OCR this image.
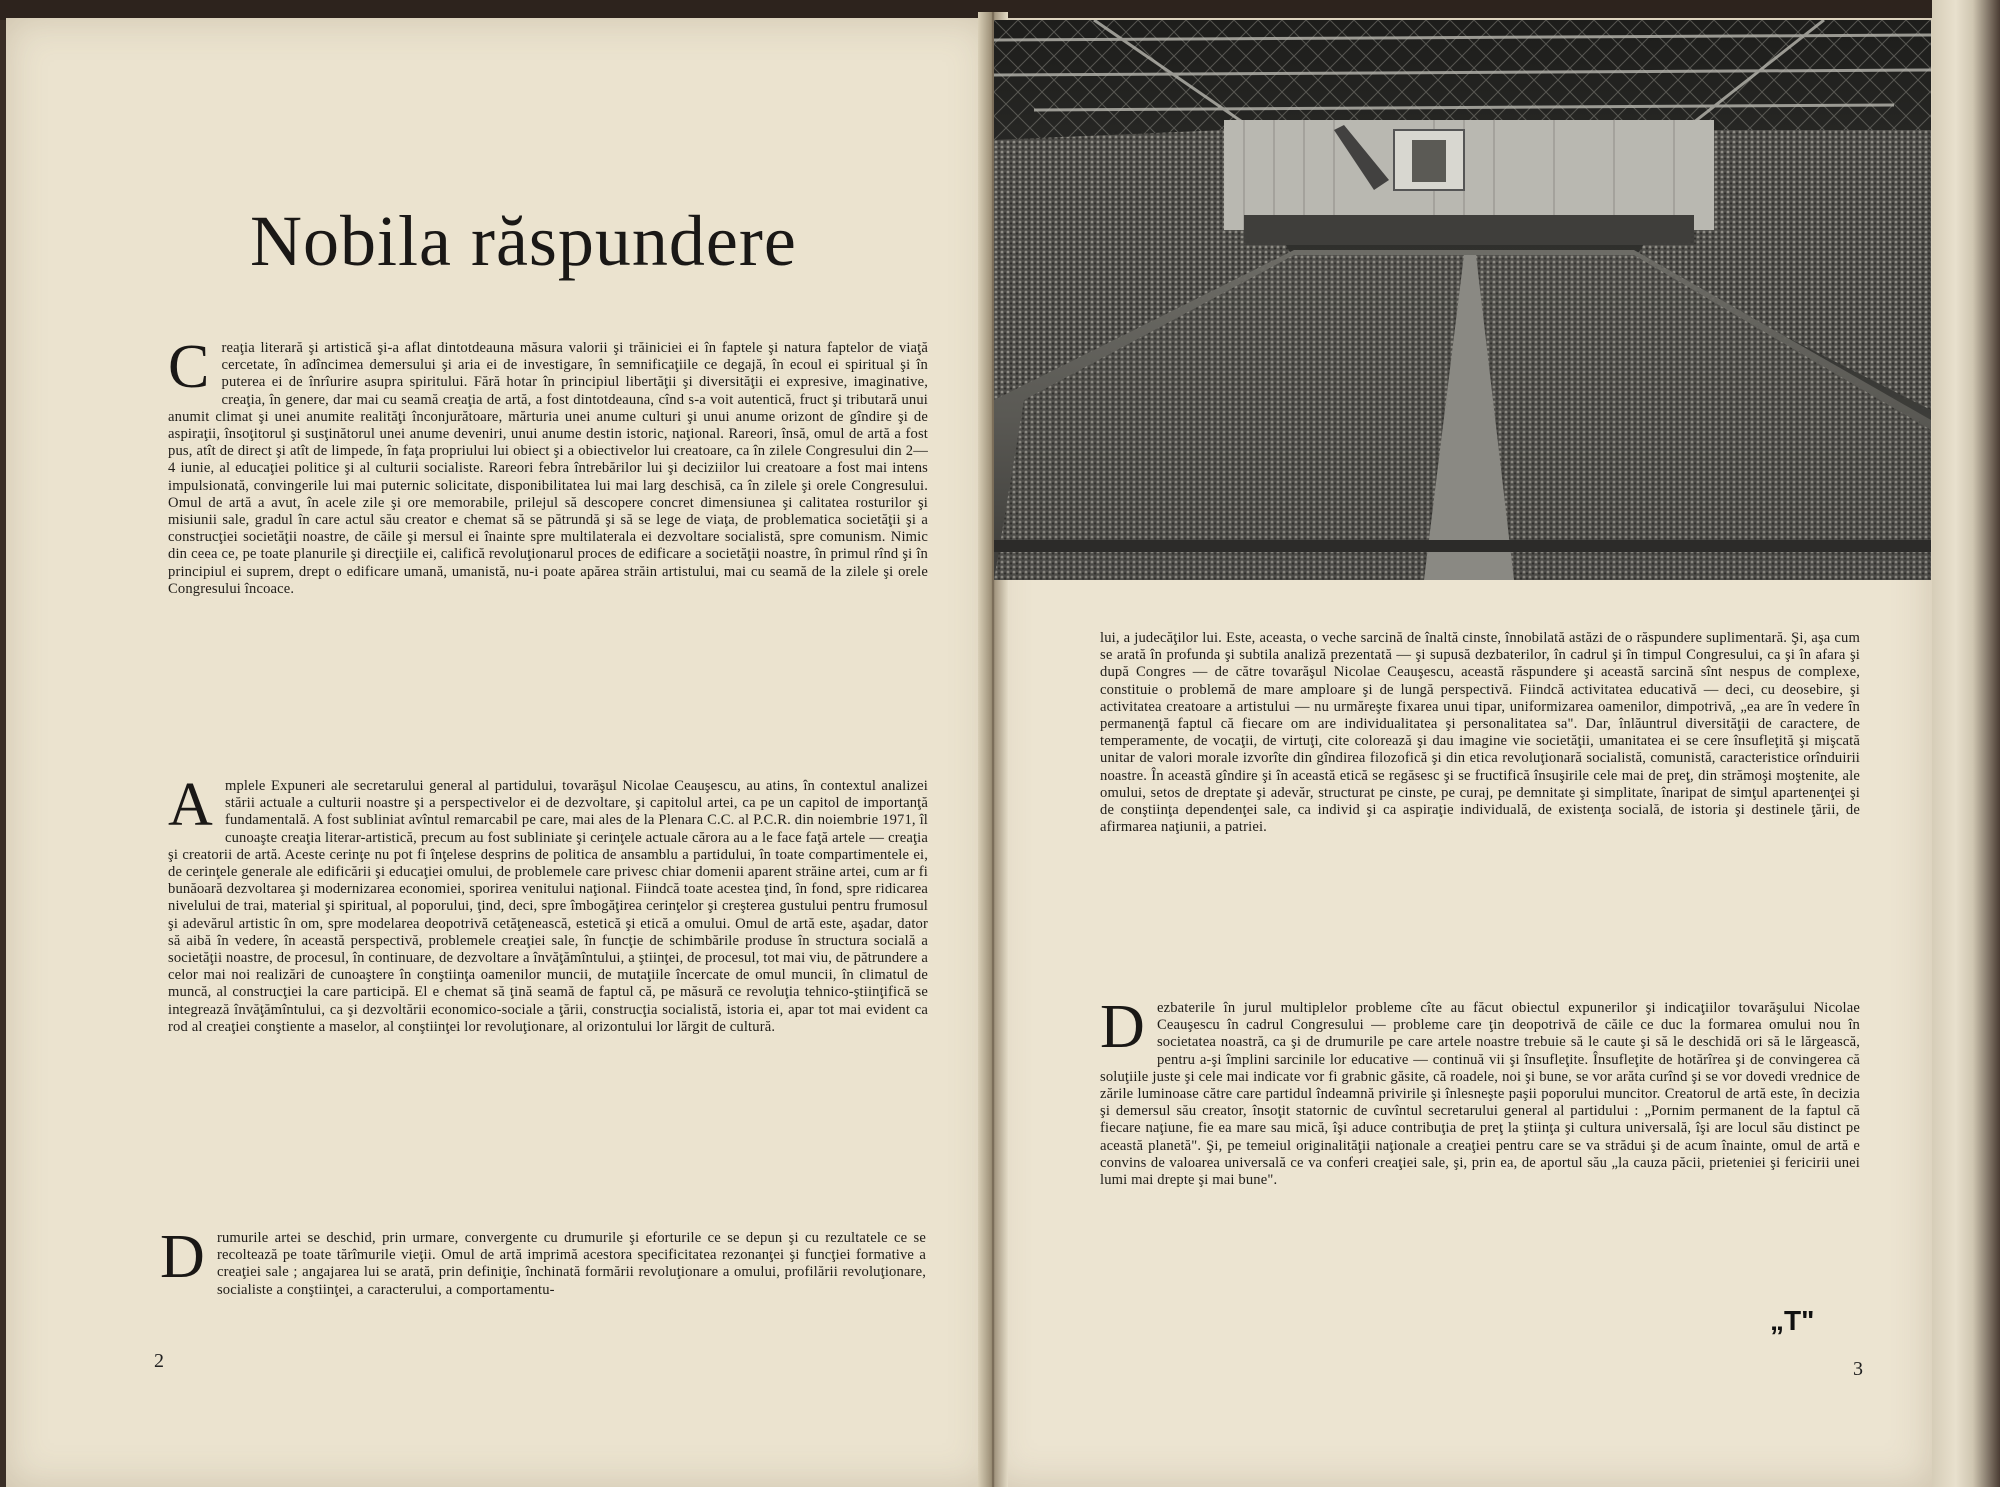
Nobila răspundere

Creaţia literară şi artistică şi-a aflat dintotdeauna măsura valorii şi trăiniciei ei în faptele şi natura faptelor de viaţă cercetate, în adîncimea demersului şi aria ei de investigare, în semnificaţiile ce degajă, în ecoul ei spiritual şi în puterea ei de înrîurire asupra spiritului. Fără hotar în principiul libertăţii şi diversităţii ei expresive, imaginative, creaţia, în genere, dar mai cu seamă creaţia de artă, a fost dintotdeauna, cînd s-a voit autentică, fruct şi tributară unui anumit climat şi unei anumite realităţi înconjurătoare, mărturia unei anume culturi şi unui anume orizont de gîndire şi de aspiraţii, însoţitorul şi susţinătorul unei anume deveniri, unui anume destin istoric, naţional. Rareori, însă, omul de artă a fost pus, atît de direct şi atît de limpede, în faţa propriului lui obiect şi a obiectivelor lui creatoare, ca în zilele Congresului din 2—4 iunie, al educaţiei politice şi al culturii socialiste. Rareori febra întrebărilor lui şi deciziilor lui creatoare a fost mai intens impulsionată, convingerile lui mai puternic solicitate, disponibilitatea lui mai larg deschisă, ca în zilele şi orele Congresului. Omul de artă a avut, în acele zile şi ore memorabile, prilejul să descopere concret dimensiunea şi calitatea rosturilor şi misiunii sale, gradul în care actul său creator e chemat să se pătrundă şi să se lege de viaţa, de problematica societăţii şi a construcţiei societăţii noastre, de căile şi mersul ei înainte spre multilaterala ei dezvoltare socialistă, spre comunism. Nimic din ceea ce, pe toate planurile şi direcţiile ei, califică revoluţionarul proces de edificare a societăţii noastre, în primul rînd şi în principiul ei suprem, drept o edificare umană, umanistă, nu-i poate apărea străin artistului, mai cu seamă de la zilele şi orele Congresului încoace.

Amplele Expuneri ale secretarului general al partidului, tovarăşul Nicolae Ceauşescu, au atins, în contextul analizei stării actuale a culturii noastre şi a perspectivelor ei de dezvoltare, şi capitolul artei, ca pe un capitol de importanţă fundamentală. A fost subliniat avîntul remarcabil pe care, mai ales de la Plenara C.C. al P.C.R. din noiembrie 1971, îl cunoaşte creaţia literar-artistică, precum au fost subliniate şi cerinţele actuale cărora au a le face faţă artele — creaţia şi creatorii de artă. Aceste cerinţe nu pot fi înţelese desprins de politica de ansamblu a partidului, în toate compartimentele ei, de cerinţele generale ale edificării şi educaţiei omului, de problemele care privesc chiar domenii aparent străine artei, cum ar fi bunăoară dezvoltarea şi modernizarea economiei, sporirea venitului naţional. Fiindcă toate acestea ţind, în fond, spre ridicarea nivelului de trai, material şi spiritual, al poporului, ţind, deci, spre îmbogăţirea cerinţelor şi creşterea gustului pentru frumosul şi adevărul artistic în om, spre modelarea deopotrivă cetăţenească, estetică şi etică a omului. Omul de artă este, aşadar, dator să aibă în vedere, în această perspectivă, problemele creaţiei sale, în funcţie de schimbările produse în structura socială a societăţii noastre, de procesul, în continuare, de dezvoltare a învăţămîntului, a ştiinţei, de procesul, tot mai viu, de pătrundere a celor mai noi realizări de cunoaştere în conştiinţa oamenilor muncii, de mutaţiile încercate de omul muncii, în climatul de muncă, al construcţiei la care participă. El e chemat să ţină seamă de faptul că, pe măsură ce revoluţia tehnico-ştiinţifică se integrează învăţămîntului, ca şi dezvoltării economico-sociale a ţării, construcţia socialistă, istoria ei, apar tot mai evident ca rod al creaţiei conştiente a maselor, al conştiinţei lor revoluţionare, al orizontului lor lărgit de cultură.

Drumurile artei se deschid, prin urmare, convergente cu drumurile şi eforturile ce se depun şi cu rezultatele ce se recoltează pe toate tărîmurile vieţii. Omul de artă imprimă acestora specificitatea rezonanţei şi funcţiei formative a creaţiei sale ; angajarea lui se arată, prin definiţie, închinată formării revoluţionare a omului, profilării revoluţionare, socialiste a conştiinţei, a caracterului, a comportamentu-

2

lui, a judecăţilor lui. Este, aceasta, o veche sarcină de înaltă cinste, înnobilată astăzi de o răspundere suplimentară. Şi, aşa cum se arată în profunda şi subtila analiză prezentată — şi supusă dezbaterilor, în cadrul şi în timpul Congresului, ca şi în afara şi după Congres — de către tovarăşul Nicolae Ceauşescu, această răspundere şi această sarcină sînt nespus de complexe, constituie o problemă de mare amploare şi de lungă perspectivă. Fiindcă activitatea educativă — deci, cu deosebire, şi activitatea creatoare a artistului — nu urmăreşte fixarea unui tipar, uniformizarea oamenilor, dimpotrivă, „ea are în vedere în permanenţă faptul că fiecare om are individualitatea şi personalitatea sa". Dar, înlăuntrul diversităţii de caractere, de temperamente, de vocaţii, de virtuţi, cite colorează şi dau imagine vie societăţii, umanitatea ei se cere însufleţită şi mişcată unitar de valori morale izvorîte din gîndirea filozofică şi din etica revoluţionară socialistă, comunistă, caracteristice orînduirii noastre. În această gîndire şi în această etică se regăsesc şi se fructifică însuşirile cele mai de preţ, din strămoşi moştenite, ale omului, setos de dreptate şi adevăr, structurat pe cinste, pe curaj, pe demnitate şi simplitate, înaripat de simţul apartenenţei şi de conştiinţa dependenţei sale, ca individ şi ca aspiraţie individuală, de existenţa socială, de istoria şi destinele ţării, de afirmarea naţiunii, a patriei.

Dezbaterile în jurul multiplelor probleme cîte au făcut obiectul expunerilor şi indicaţiilor tovarăşului Nicolae Ceauşescu în cadrul Congresului — probleme care ţin deopotrivă de căile ce duc la formarea omului nou în societatea noastră, ca şi de drumurile pe care artele noastre trebuie să le caute şi să le deschidă ori să le lărgească, pentru a-şi împlini sarcinile lor educative — continuă vii şi însufleţite. Însufleţite de hotărîrea şi de convingerea că soluţiile juste şi cele mai indicate vor fi grabnic găsite, că roadele, noi şi bune, se vor arăta curînd şi se vor dovedi vrednice de zările luminoase către care partidul îndeamnă privirile şi înlesneşte paşii poporului muncitor. Creatorul de artă este, în decizia şi demersul său creator, însoţit statornic de cuvîntul secretarului general al partidului : „Pornim permanent de la faptul că fiecare naţiune, fie ea mare sau mică, îşi aduce contribuţia de preţ la ştiinţa şi cultura universală, îşi are locul său distinct pe această planetă". Şi, pe temeiul originalităţii naţionale a creaţiei pentru care se va strădui şi de acum înainte, omul de artă e convins de valoarea universală ce va conferi creaţiei sale, şi, prin ea, de aportul său „la cauza păcii, prieteniei şi fericirii unei lumi mai drepte şi mai bune".

„T"
3
